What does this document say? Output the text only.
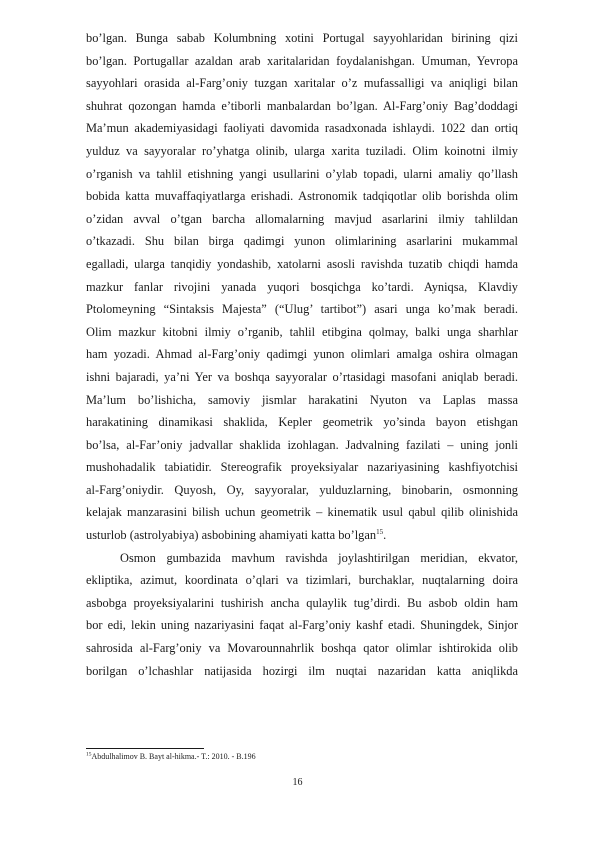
bo’lgan. Bunga sabab Kolumbning xotini Portugal sayyohlaridan birining qizi
bo’lgan. Portugallar azaldan arab xaritalaridan foydalanishgan. Umuman, Yevropa
sayyohlari orasida al-Farg’oniy tuzgan xaritalar o’z mufassalligi va aniqligi bilan
shuhrat qozongan hamda e’tiborli manbalardan bo’lgan. Al-Farg’oniy Bag’doddagi
Ma’mun akademiyasidagi faoliyati davomida rasadxonada ishlaydi. 1022 dan ortiq
yulduz va sayyoralar ro’yhatga olinib, ularga xarita tuziladi. Olim koinotni ilmiy
o’rganish va tahlil etishning yangi usullarini o’ylab topadi, ularni amaliy qo’llash
bobida katta muvaffaqiyatlarga erishadi. Astronomik tadqiqotlar olib borishda olim
o’zidan avval o’tgan barcha allomalarning mavjud asarlarini ilmiy tahlildan
o’tkazadi. Shu bilan birga qadimgi yunon olimlarining asarlarini mukammal
egalladi, ularga tanqidiy yondashib, xatolarni asosli ravishda tuzatib chiqdi hamda
mazkur fanlar rivojini yanada yuqori bosqichga ko’tardi. Ayniqsa, Klavdiy
Ptolomeyning “Sintaksis Majesta” (“Ulug’ tartibot”) asari unga ko’mak beradi.
Olim mazkur kitobni ilmiy o’rganib, tahlil etibgina qolmay, balki unga sharhlar
ham yozadi. Ahmad al-Farg’oniy qadimgi yunon olimlari amalga oshira olmagan
ishni bajaradi, ya’ni Yer va boshqa sayyoralar o’rtasidagi masofani aniqlab beradi.
Ma’lum bo’lishicha, samoviy jismlar harakatini Nyuton va Laplas massa
harakatining dinamikasi shaklida, Kepler geometrik yo’sinda bayon etishgan
bo’lsa, al-Far’oniy jadvallar shaklida izohlagan. Jadvalning fazilati – uning jonli
mushohadalik tabiatidir. Stereografik proyeksiyalar nazariyasining kashfiyotchisi
al-Farg’oniydir. Quyosh, Oy, sayyoralar, yulduzlarning, binobarin, osmonning
kelajak manzarasini bilish uchun geometrik – kinematik usul qabul qilib olinishida
usturlob (astrolyabiya) asbobining ahamiyati katta bo’lgan$^{15}$.
Osmon gumbazida mavhum ravishda joylashtirilgan meridian, ekvator,
ekliptika, azimut, koordinata o’qlari va tizimlari, burchaklar, nuqtalarning doira
asbobga proyeksiyalarini tushirish ancha qulaylik tug’dirdi. Bu asbob oldin ham
bor edi, lekin uning nazariyasini faqat al-Farg’oniy kashf etadi. Shuningdek, Sinjor
sahrosida al-Farg’oniy va Movarounnahrlik boshqa qator olimlar ishtirokida olib
borilgan o’lchashlar natijasida hozirgi ilm nuqtai nazaridan katta aniqlikda
$^{15}$Abdulhalimov B. Bayt al-hikma.- T.: 2010. - B.196
16
